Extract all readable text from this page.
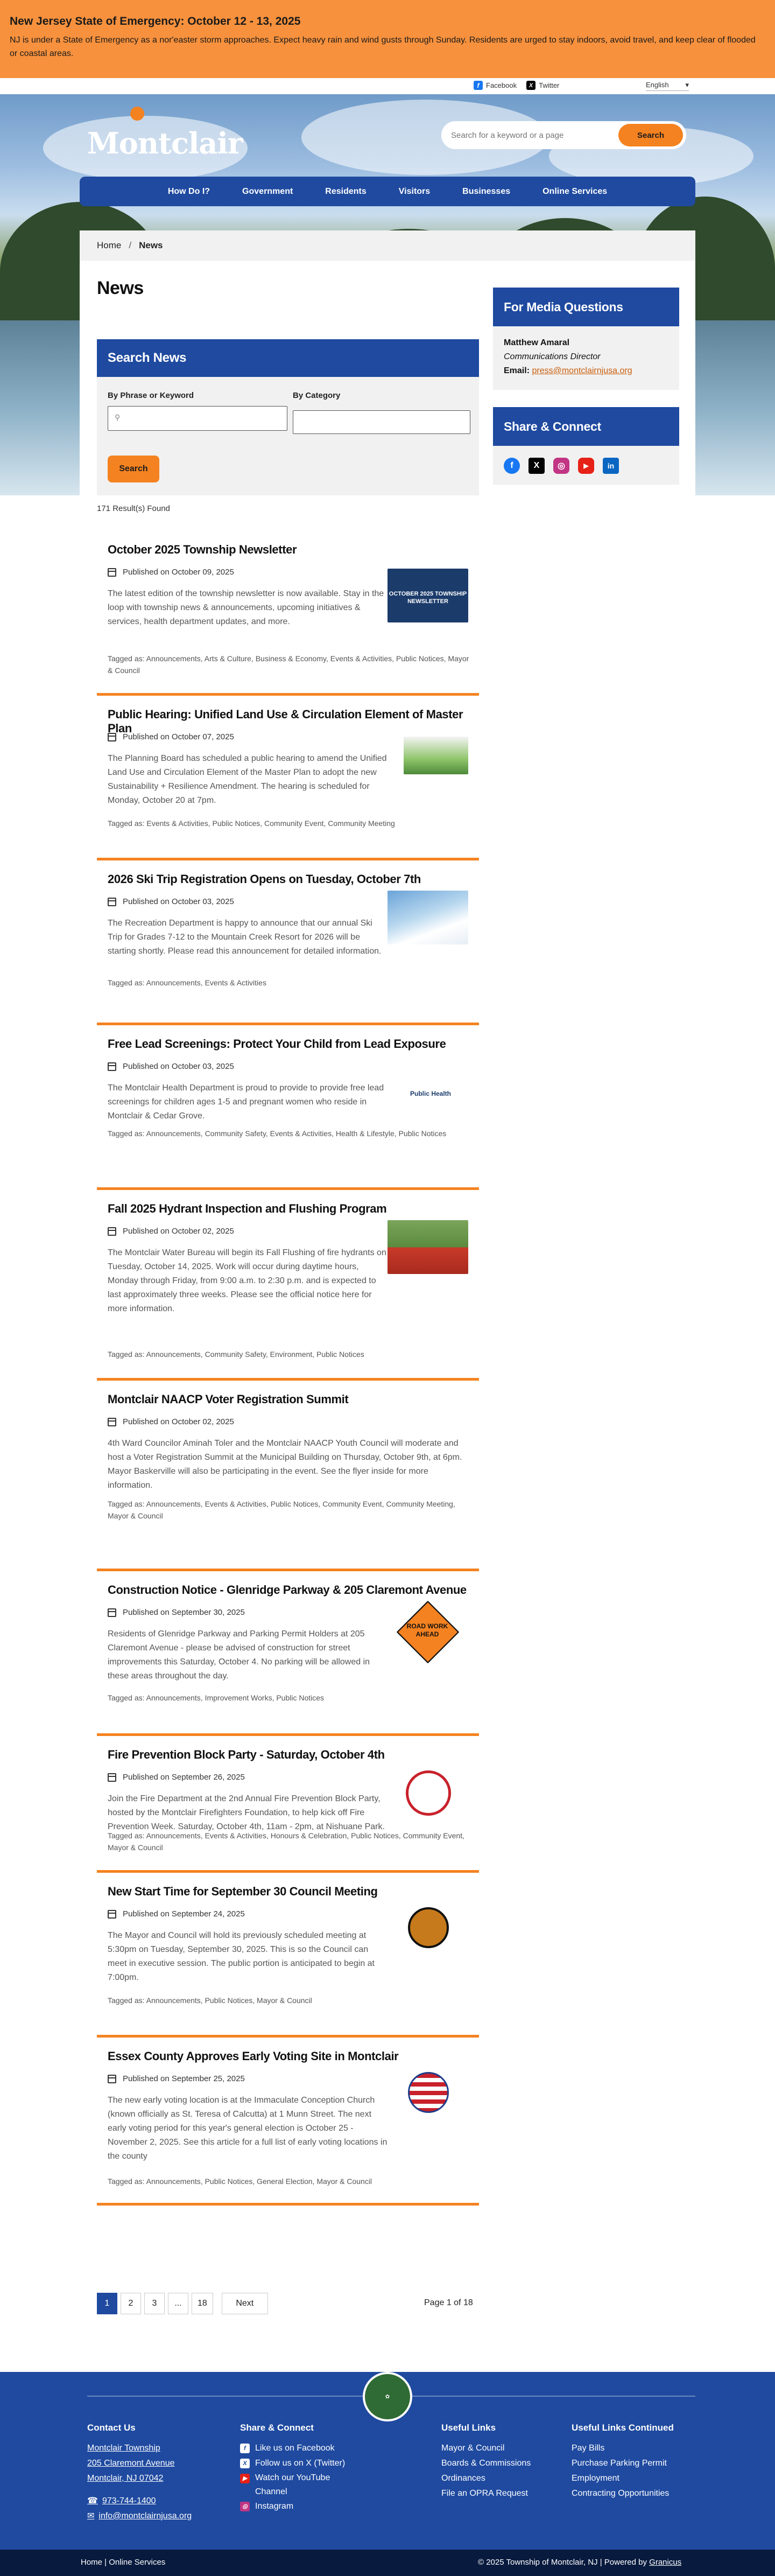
New Jersey State of Emergency: October 12 - 13, 2025

NJ is under a State of Emergency as a nor'easter storm approaches. Expect heavy rain and wind gusts through Sunday. Residents are urged to stay indoors, avoid travel, and keep clear of flooded or coastal areas.

f Facebook	X Twitter	English ▾
Montclair
Search for a keyword or a page	Search
How Do I?	Government	Residents	Visitors	Businesses	Online Services
Home / News
News
Search News
By Phrase or Keyword
⚲
By Category
Search
171 Result(s) Found
For Media Questions
Matthew Amaral
Communications Director
Email: press@montclairnjusa.org
Share & Connect
f	X	◎	▶	in
October 2025 Township Newsletter
Published on October 09, 2025

The latest edition of the township newsletter is now available. Stay in the loop with township news & announcements, upcoming initiatives & services, health department updates, and more.

OCTOBER 2025 TOWNSHIP NEWSLETTER
Tagged as: Announcements, Arts & Culture, Business & Economy, Events & Activities, Public Notices, Mayor & Council
Public Hearing: Unified Land Use & Circulation Element of Master Plan
Published on October 07, 2025

The Planning Board has scheduled a public hearing to amend the Unified Land Use and Circulation Element of the Master Plan to adopt the new Sustainability + Resilience Amendment. The hearing is scheduled for Monday, October 20 at 7pm.

Tagged as: Events & Activities, Public Notices, Community Event, Community Meeting
2026 Ski Trip Registration Opens on Tuesday, October 7th
Published on October 03, 2025

The Recreation Department is happy to announce that our annual Ski Trip for Grades 7-12 to the Mountain Creek Resort for 2026 will be starting shortly. Please read this announcement for detailed information.

Tagged as: Announcements, Events & Activities
Free Lead Screenings: Protect Your Child from Lead Exposure
Published on October 03, 2025

The Montclair Health Department is proud to provide to provide free lead screenings for children ages 1-5 and pregnant women who reside in Montclair & Cedar Grove.

Public Health
Tagged as: Announcements, Community Safety, Events & Activities, Health & Lifestyle, Public Notices
Fall 2025 Hydrant Inspection and Flushing Program
Published on October 02, 2025

The Montclair Water Bureau will begin its Fall Flushing of fire hydrants on Tuesday, October 14, 2025. Work will occur during daytime hours, Monday through Friday, from 9:00 a.m. to 2:30 p.m. and is expected to last approximately three weeks. Please see the official notice here for more information.

Tagged as: Announcements, Community Safety, Environment, Public Notices
Montclair NAACP Voter Registration Summit
Published on October 02, 2025

4th Ward Councilor Aminah Toler and the Montclair NAACP Youth Council will moderate and host a Voter Registration Summit at the Municipal Building on Thursday, October 9th, at 6pm. Mayor Baskerville will also be participating in the event. See the flyer inside for more information.

Tagged as: Announcements, Events & Activities, Public Notices, Community Event, Community Meeting, Mayor & Council
Construction Notice - Glenridge Parkway & 205 Claremont Avenue
Published on September 30, 2025

Residents of Glenridge Parkway and Parking Permit Holders at 205 Claremont Avenue - please be advised of construction for street improvements this Saturday, October 4. No parking will be allowed in these areas throughout the day.

ROAD WORK AHEAD
Tagged as: Announcements, Improvement Works, Public Notices
Fire Prevention Block Party - Saturday, October 4th
Published on September 26, 2025

Join the Fire Department at the 2nd Annual Fire Prevention Block Party, hosted by the Montclair Firefighters Foundation, to help kick off Fire Prevention Week. Saturday, October 4th, 11am - 2pm, at Nishuane Park.

Tagged as: Announcements, Events & Activities, Honours & Celebration, Public Notices, Community Event, Mayor & Council
New Start Time for September 30 Council Meeting
Published on September 24, 2025

The Mayor and Council will hold its previously scheduled meeting at 5:30pm on Tuesday, September 30, 2025. This is so the Council can meet in executive session. The public portion is anticipated to begin at 7:00pm.

Tagged as: Announcements, Public Notices, Mayor & Council
Essex County Approves Early Voting Site in Montclair
Published on September 25, 2025

The new early voting location is at the Immaculate Conception Church (known officially as St. Teresa of Calcutta) at 1 Munn Street. The next early voting period for this year's general election is October 25 - November 2, 2025. See this article for a full list of early voting locations in the county

Tagged as: Announcements, Public Notices, General Election, Mayor & Council
1	2	3	...	18	Next	Page 1 of 18
✿
Contact Us
Montclair Township
205 Claremont Avenue
Montclair, NJ 07042
☎ 973-744-1400
✉ info@montclairnjusa.org
Share & Connect
f Like us on Facebook
X Follow us on X (Twitter)
▶ Watch our YouTube Channel
◎ Instagram
Useful Links
Mayor & Council
Boards & Commissions
Ordinances
File an OPRA Request
Useful Links Continued
Pay Bills
Purchase Parking Permit
Employment
Contracting Opportunities
Home | Online Services	© 2025 Township of Montclair, NJ | Powered by Granicus
